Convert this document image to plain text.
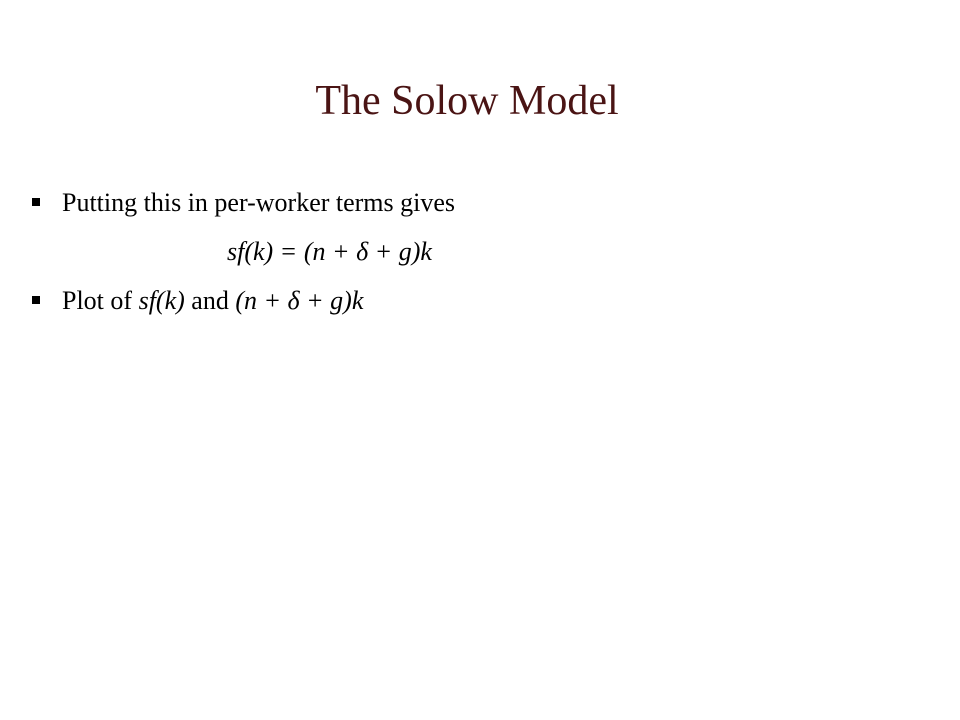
The Solow Model
Putting this in per-worker terms gives
sf(k) = (n + δ + g)k
Plot of sf(k) and (n + δ + g)k
